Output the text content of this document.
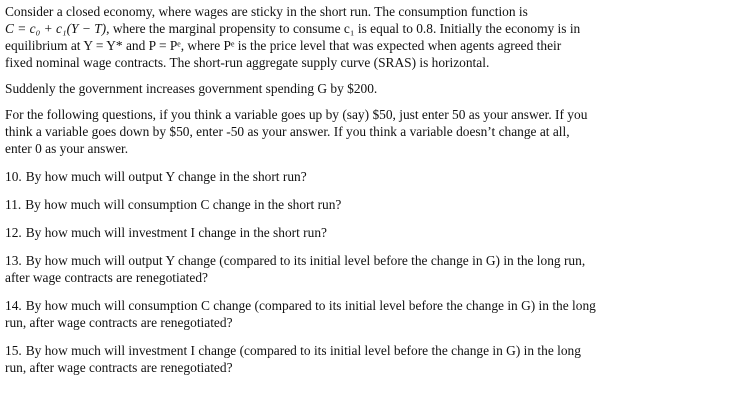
Consider a closed economy, where wages are sticky in the short run. The consumption function is
C = c₀ + c₁(Y − T), where the marginal propensity to consume c₁ is equal to 0.8. Initially the economy is in
equilibrium at Y = Y* and P = Pᵉ, where Pᵉ is the price level that was expected when agents agreed their
fixed nominal wage contracts. The short-run aggregate supply curve (SRAS) is horizontal.
Suddenly the government increases government spending G by $200.
For the following questions, if you think a variable goes up by (say) $50, just enter 50 as your answer. If you
think a variable goes down by $50, enter -50 as your answer. If you think a variable doesn’t change at all,
enter 0 as your answer.
10. By how much will output Y change in the short run?
11. By how much will consumption C change in the short run?
12. By how much will investment I change in the short run?
13. By how much will output Y change (compared to its initial level before the change in G) in the long run,
after wage contracts are renegotiated?
14. By how much will consumption C change (compared to its initial level before the change in G) in the long
run, after wage contracts are renegotiated?
15. By how much will investment I change (compared to its initial level before the change in G) in the long
run, after wage contracts are renegotiated?
